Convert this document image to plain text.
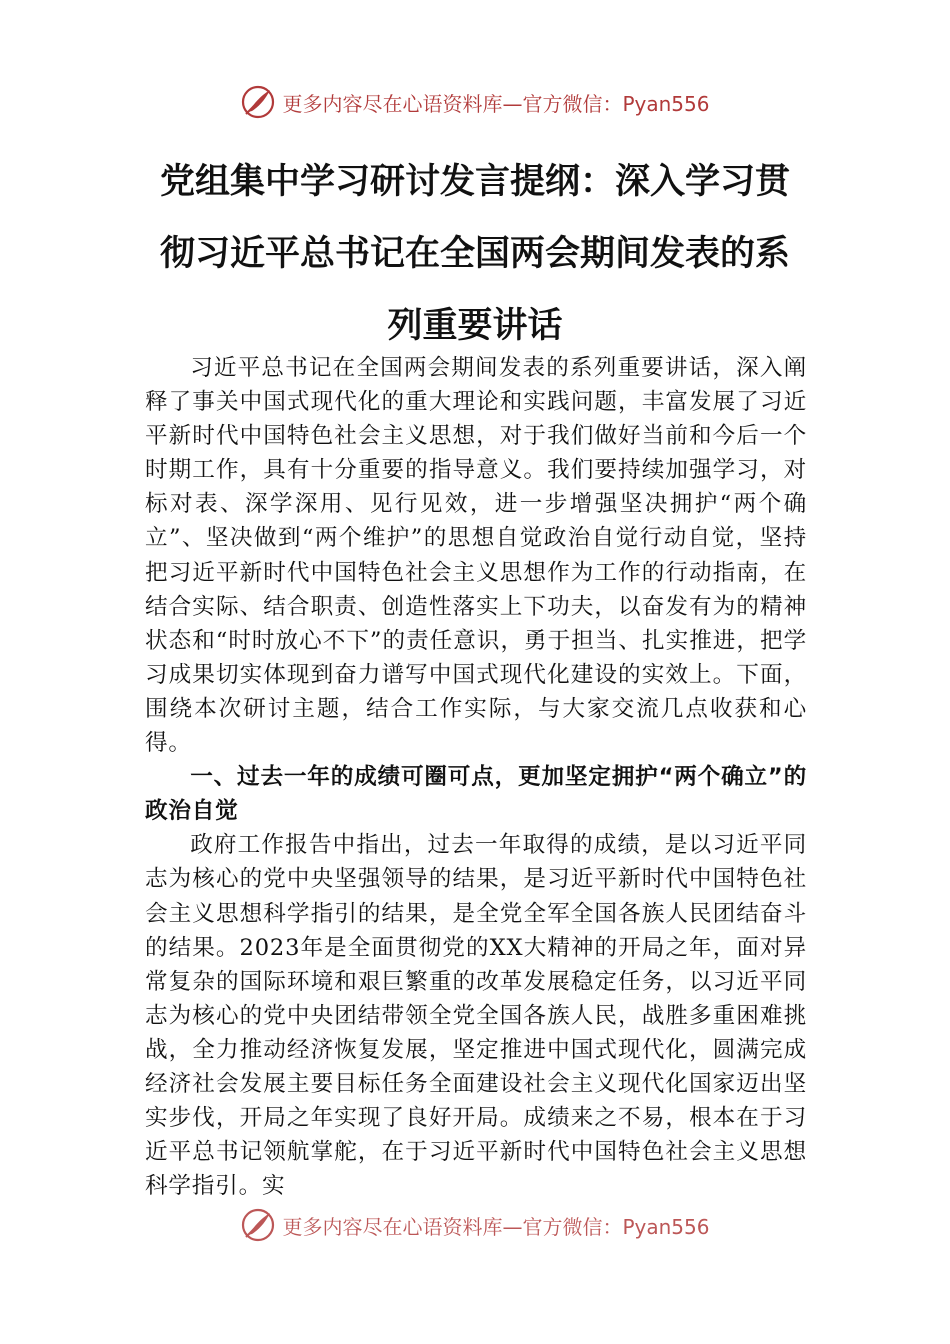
更多内容尽在心语资料库—官方微信：Pyan556
党组集中学习研讨发言提纲：深入学习贯彻习近平总书记在全国两会期间发表的系列重要讲话

习近平总书记在全国两会期间发表的系列重要讲话，深入阐释了事关中国式现代化的重大理论和实践问题，丰富发展了习近平新时代中国特色社会主义思想，对于我们做好当前和今后一个时期工作，具有十分重要的指导意义。我们要持续加强学习，对标对表、深学深用、见行见效，进一步增强坚决拥护“两个确立”、坚决做到“两个维护”的思想自觉政治自觉行动自觉，坚持把习近平新时代中国特色社会主义思想作为工作的行动指南，在结合实际、结合职责、创造性落实上下功夫，以奋发有为的精神状态和“时时放心不下”的责任意识，勇于担当、扎实推进，把学习成果切实体现到奋力谱写中国式现代化建设的实效上。下面，围绕本次研讨主题，结合工作实际，与大家交流几点收获和心得。

一、过去一年的成绩可圈可点，更加坚定拥护“两个确立”的政治自觉

政府工作报告中指出，过去一年取得的成绩，是以习近平同志为核心的党中央坚强领导的结果，是习近平新时代中国特色社会主义思想科学指引的结果，是全党全军全国各族人民团结奋斗的结果。2023年是全面贯彻党的XX大精神的开局之年，面对异常复杂的国际环境和艰巨繁重的改革发展稳定任务，以习近平同志为核心的党中央团结带领全党全国各族人民，战胜多重困难挑战，全力推动经济恢复发展，坚定推进中国式现代化，圆满完成经济社会发展主要目标任务全面建设社会主义现代化国家迈出坚实步伐，开局之年实现了良好开局。成绩来之不易，根本在于习近平总书记领航掌舵，在于习近平新时代中国特色社会主义思想科学指引。实

更多内容尽在心语资料库—官方微信：Pyan556
